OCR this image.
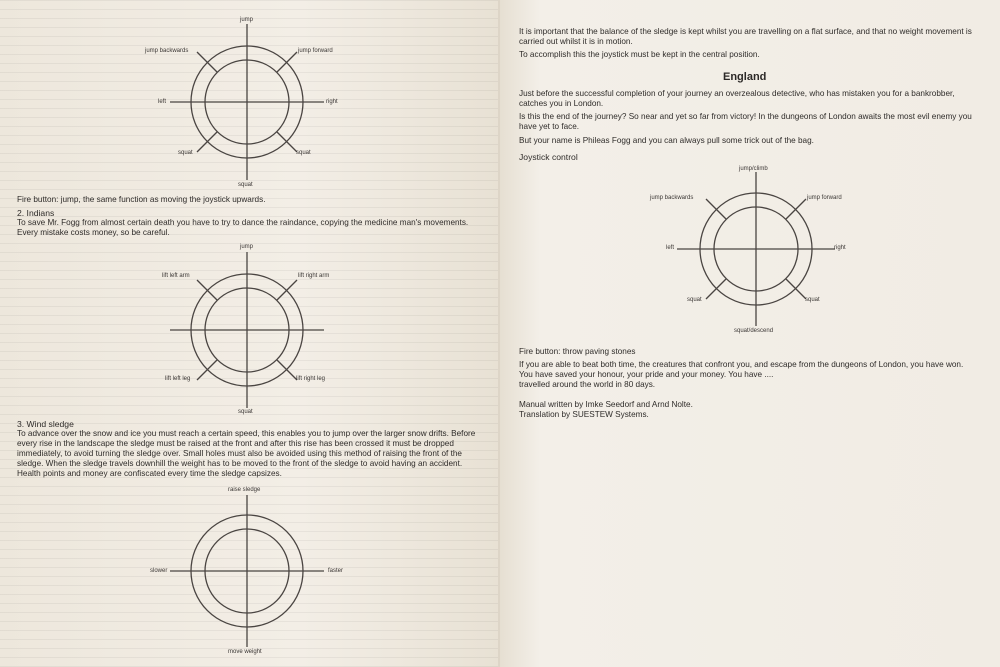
jump
jump backwards	jump forward
left	right
squat	squat
squat
Fire button: jump, the same function as moving the joystick upwards.
2. Indians
To save Mr. Fogg from almost certain death you have to try to dance the raindance, copying the medicine man's movements. Every mistake costs money, so be careful.
jump
lift left arm	lift right arm
lift left leg	lift right leg
squat
3. Wind sledge
To advance over the snow and ice you must reach a certain speed, this enables you to jump over the larger snow drifts. Before every rise in the landscape the sledge must be raised at the front and after this rise has been crossed it must be dropped immediately, to avoid turning the sledge over. Small holes must also be avoided using this method of raising the front of the sledge. When the sledge travels downhill the weight has to be moved to the front of the sledge to avoid having an accident. Health points and money are confiscated every time the sledge capsizes.
raise sledge
slower	faster
move weight
It is important that the balance of the sledge is kept whilst you are travelling on a flat surface, and that no weight movement is carried out whilst it is in motion.
To accomplish this the joystick must be kept in the central position.
England
Just before the successful completion of your journey an overzealous detective, who has mistaken you for a bankrobber, catches you in London.
Is this the end of the journey? So near and yet so far from victory! In the dungeons of London awaits the most evil enemy you have yet to face.
But your name is Phileas Fogg and you can always pull some trick out of the bag.
Joystick control
jump/climb
jump backwards	jump forward
left	right
squat	squat
squat/descend
Fire button: throw paving stones
If you are able to beat both time, the creatures that confront you, and escape from the dungeons of London, you have won. You have saved your honour, your pride and your money. You have ....
travelled around the world in 80 days.
Manual written by Imke Seedorf and Arnd Nolte.
Translation by SUESTEW Systems.
